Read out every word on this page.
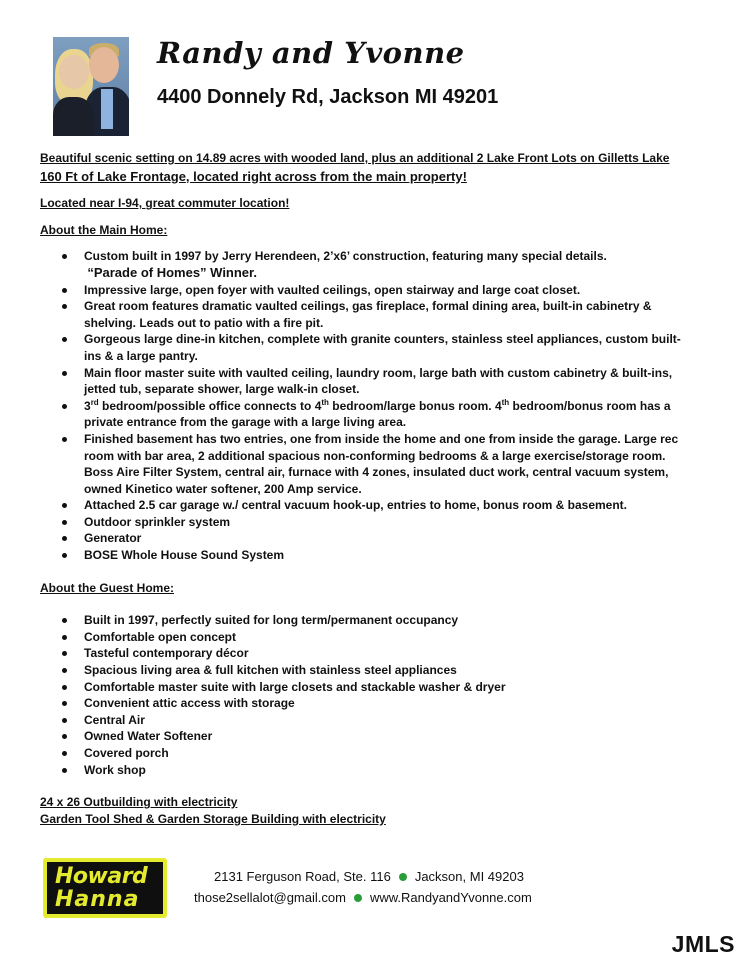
Randy and Yvonne
4400 Donnely Rd, Jackson MI 49201

Beautiful scenic setting on 14.89 acres with wooded land, plus an additional 2 Lake Front Lots on Gilletts Lake

160 Ft of Lake Frontage, located right across from the main property!

Located near I-94, great commuter location!

About the Main Home:

Custom built in 1997 by Jerry Herendeen, 2’x6’ construction, featuring many special details.
“Parade of Homes” Winner.
Impressive large, open foyer with vaulted ceilings, open stairway and large coat closet.
Great room features dramatic vaulted ceilings, gas fireplace, formal dining area, built-in cabinetry & shelving. Leads out to patio with a fire pit.
Gorgeous large dine-in kitchen, complete with granite counters, stainless steel appliances, custom built-ins & a large pantry.
Main floor master suite with vaulted ceiling, laundry room, large bath with custom cabinetry & built-ins, jetted tub, separate shower, large walk-in closet.
3rd bedroom/possible office connects to 4th bedroom/large bonus room. 4th bedroom/bonus room has a private entrance from the garage with a large living area.
Finished basement has two entries, one from inside the home and one from inside the garage. Large rec room with bar area, 2 additional spacious non-conforming bedrooms & a large exercise/storage room. Boss Aire Filter System, central air, furnace with 4 zones, insulated duct work, central vacuum system, owned Kinetico water softener, 200 Amp service.
Attached 2.5 car garage w./ central vacuum hook-up, entries to home, bonus room & basement.
Outdoor sprinkler system
Generator
BOSE Whole House Sound System

About the Guest Home:

Built in 1997, perfectly suited for long term/permanent occupancy
Comfortable open concept
Tasteful contemporary décor
Spacious living area & full kitchen with stainless steel appliances
Comfortable master suite with large closets and stackable washer & dryer
Convenient attic access with storage
Central Air
Owned Water Softener
Covered porch
Work shop
24 x 26 Outbuilding with electricity
Garden Tool Shed & Garden Storage Building with electricity
Howard
Hanna
2131 Ferguson Road, Ste. 116 Jackson, MI 49203
those2sellalot@gmail.com www.RandyandYvonne.com
JMLS
